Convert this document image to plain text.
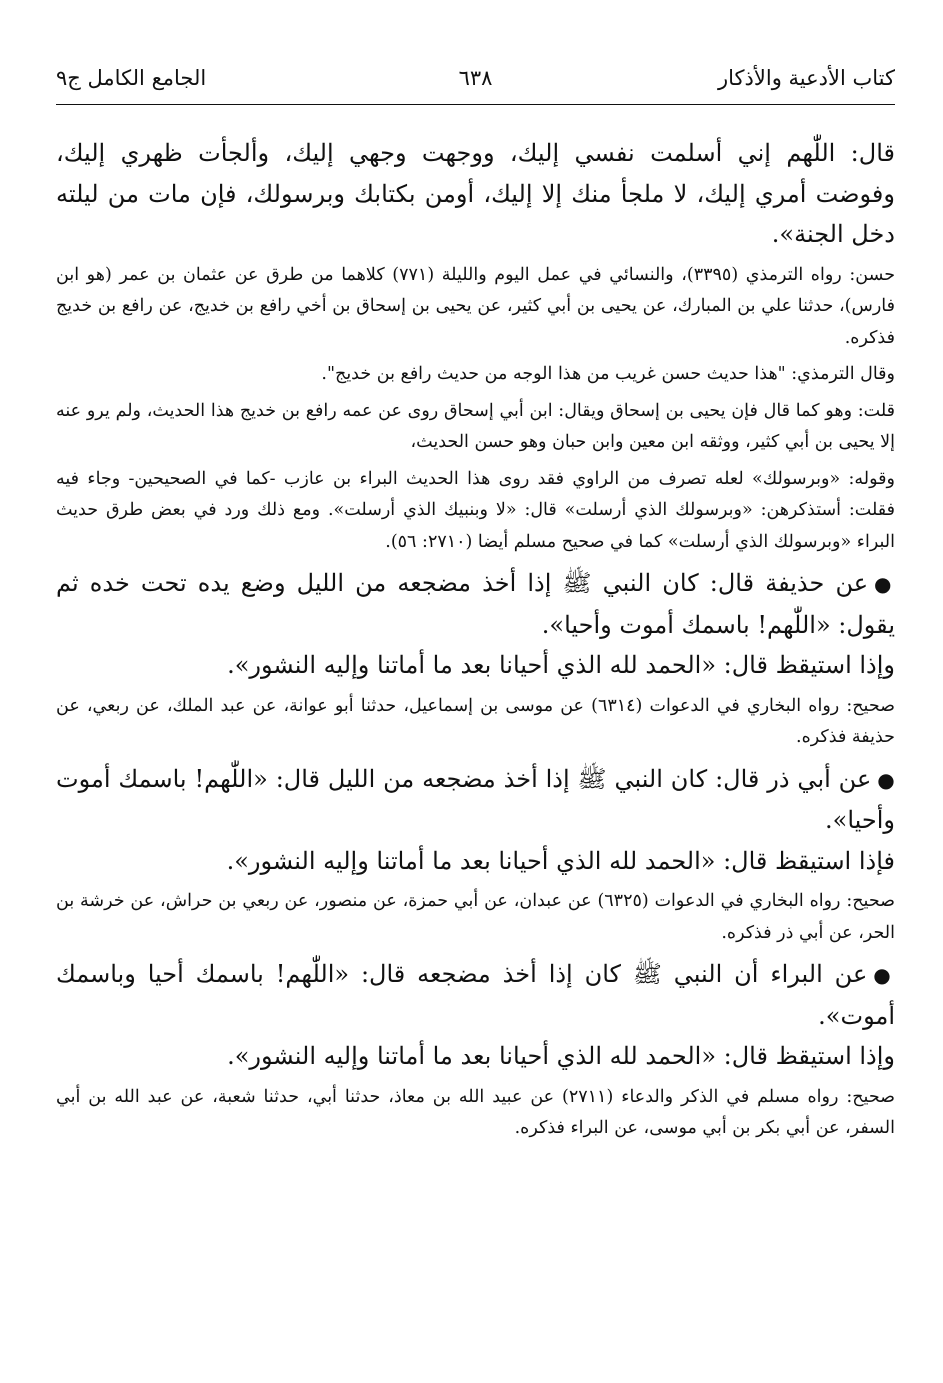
كتاب الأدعية والأذكار
٦٣٨
الجامع الكامل ج٩

قال: اللّٰهم إني أسلمت نفسي إليك، ووجهت وجهي إليك، وألجأت ظهري إليك، وفوضت أمري إليك، لا ملجأ منك إلا إليك، أومن بكتابك وبرسولك، فإن مات من ليلته دخل الجنة».

حسن: رواه الترمذي (٣٣٩٥)، والنسائي في عمل اليوم والليلة (٧٧١) كلاهما من طرق عن عثمان بن عمر (هو ابن فارس)، حدثنا علي بن المبارك، عن يحيى بن أبي كثير، عن يحيى بن إسحاق بن أخي رافع بن خديج، عن رافع بن خديج فذكره.

وقال الترمذي: "هذا حديث حسن غريب من هذا الوجه من حديث رافع بن خديج".

قلت: وهو كما قال فإن يحيى بن إسحاق ويقال: ابن أبي إسحاق روى عن عمه رافع بن خديج هذا الحديث، ولم يرو عنه إلا يحيى بن أبي كثير، ووثقه ابن معين وابن حبان وهو حسن الحديث،

وقوله: «وبرسولك» لعله تصرف من الراوي فقد روى هذا الحديث البراء بن عازب -كما في الصحيحين- وجاء فيه فقلت: أستذكرهن: «وبرسولك الذي أرسلت» قال: «لا وبنبيك الذي أرسلت». ومع ذلك ورد في بعض طرق حديث البراء «وبرسولك الذي أرسلت» كما في صحيح مسلم أيضا (٢٧١٠: ٥٦).

●عن حذيفة قال: كان النبي ﷺ إذا أخذ مضجعه من الليل وضع يده تحت خده ثم يقول: «اللّٰهم! باسمك أموت وأحيا».

وإذا استيقظ قال: «الحمد لله الذي أحيانا بعد ما أماتنا وإليه النشور».

صحيح: رواه البخاري في الدعوات (٦٣١٤) عن موسى بن إسماعيل، حدثنا أبو عوانة، عن عبد الملك، عن ربعي، عن حذيفة فذكره.

●عن أبي ذر قال: كان النبي ﷺ إذا أخذ مضجعه من الليل قال: «اللّٰهم! باسمك أموت وأحيا».

فإذا استيقظ قال: «الحمد لله الذي أحيانا بعد ما أماتنا وإليه النشور».

صحيح: رواه البخاري في الدعوات (٦٣٢٥) عن عبدان، عن أبي حمزة، عن منصور، عن ربعي بن حراش، عن خرشة بن الحر، عن أبي ذر فذكره.

●عن البراء أن النبي ﷺ كان إذا أخذ مضجعه قال: «اللّٰهم! باسمك أحيا وباسمك أموت».

وإذا استيقظ قال: «الحمد لله الذي أحيانا بعد ما أماتنا وإليه النشور».

صحيح: رواه مسلم في الذكر والدعاء (٢٧١١) عن عبيد الله بن معاذ، حدثنا أبي، حدثنا شعبة، عن عبد الله بن أبي السفر، عن أبي بكر بن أبي موسى، عن البراء فذكره.
